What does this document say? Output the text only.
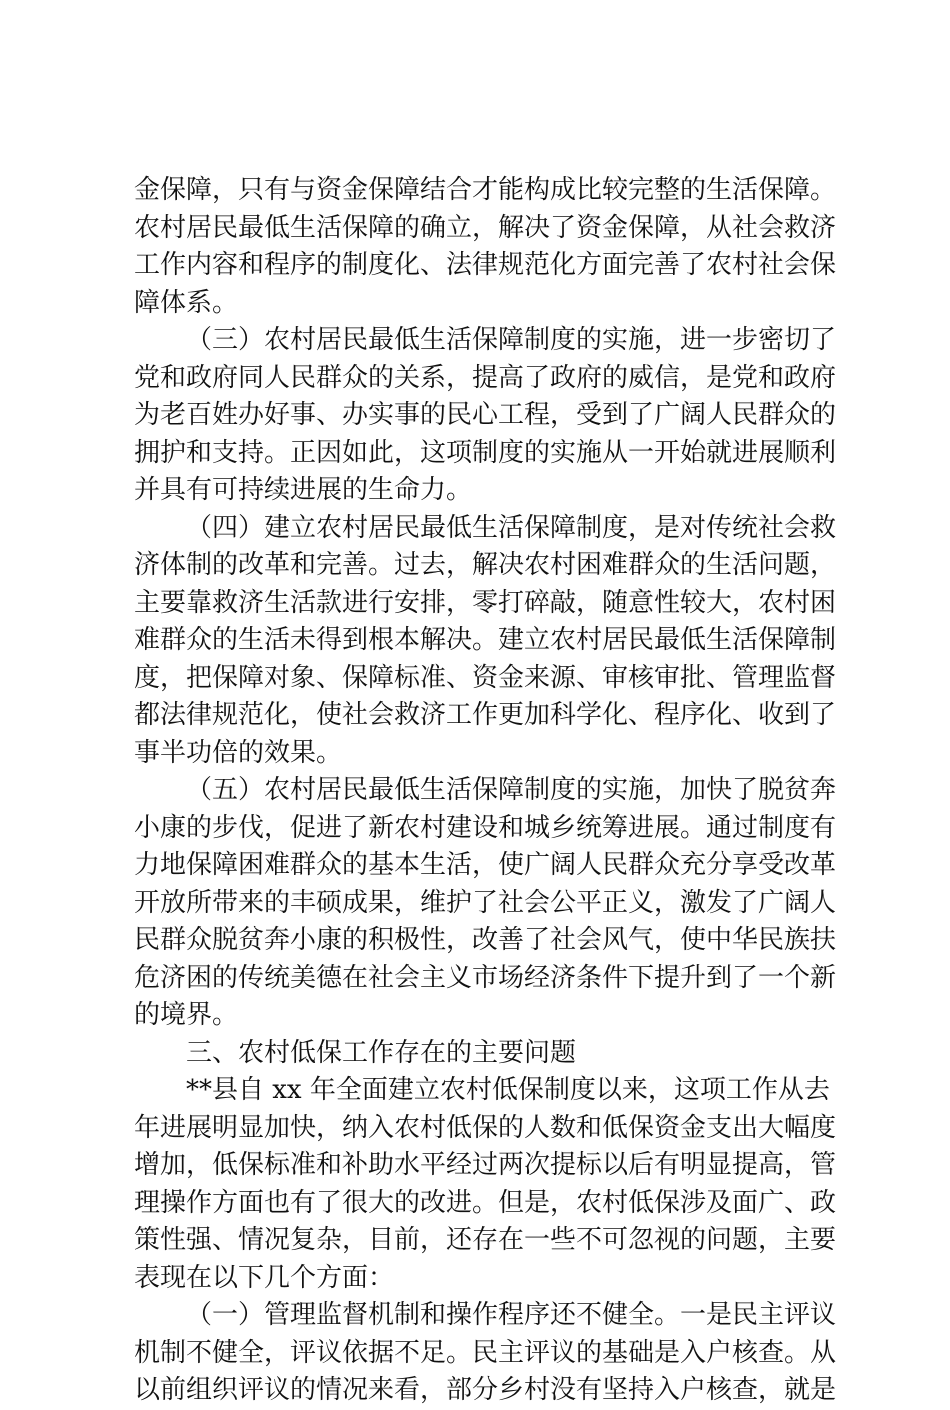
金保障，只有与资金保障结合才能构成比较完整的生活保障。
农村居民最低生活保障的确立，解决了资金保障，从社会救济
工作内容和程序的制度化、法律规范化方面完善了农村社会保
障体系。
（三）农村居民最低生活保障制度的实施，进一步密切了
党和政府同人民群众的关系，提高了政府的威信，是党和政府
为老百姓办好事、办实事的民心工程，受到了广阔人民群众的
拥护和支持。正因如此，这项制度的实施从一开始就进展顺利
并具有可持续进展的生命力。
（四）建立农村居民最低生活保障制度，是对传统社会救
济体制的改革和完善。过去，解决农村困难群众的生活问题，
主要靠救济生活款进行安排，零打碎敲，随意性较大，农村困
难群众的生活未得到根本解决。建立农村居民最低生活保障制
度，把保障对象、保障标准、资金来源、审核审批、管理监督
都法律规范化，使社会救济工作更加科学化、程序化、收到了
事半功倍的效果。
（五）农村居民最低生活保障制度的实施，加快了脱贫奔
小康的步伐，促进了新农村建设和城乡统筹进展。通过制度有
力地保障困难群众的基本生活，使广阔人民群众充分享受改革
开放所带来的丰硕成果，维护了社会公平正义，激发了广阔人
民群众脱贫奔小康的积极性，改善了社会风气，使中华民族扶
危济困的传统美德在社会主义市场经济条件下提升到了一个新
的境界。
三、农村低保工作存在的主要问题
**县自 xx 年全面建立农村低保制度以来，这项工作从去
年进展明显加快，纳入农村低保的人数和低保资金支出大幅度
增加，低保标准和补助水平经过两次提标以后有明显提高，管
理操作方面也有了很大的改进。但是，农村低保涉及面广、政
策性强、情况复杂，目前，还存在一些不可忽视的问题，主要
表现在以下几个方面：
（一）管理监督机制和操作程序还不健全。一是民主评议
机制不健全，评议依据不足。民主评议的基础是入户核查。从
以前组织评议的情况来看，部分乡村没有坚持入户核查，就是
